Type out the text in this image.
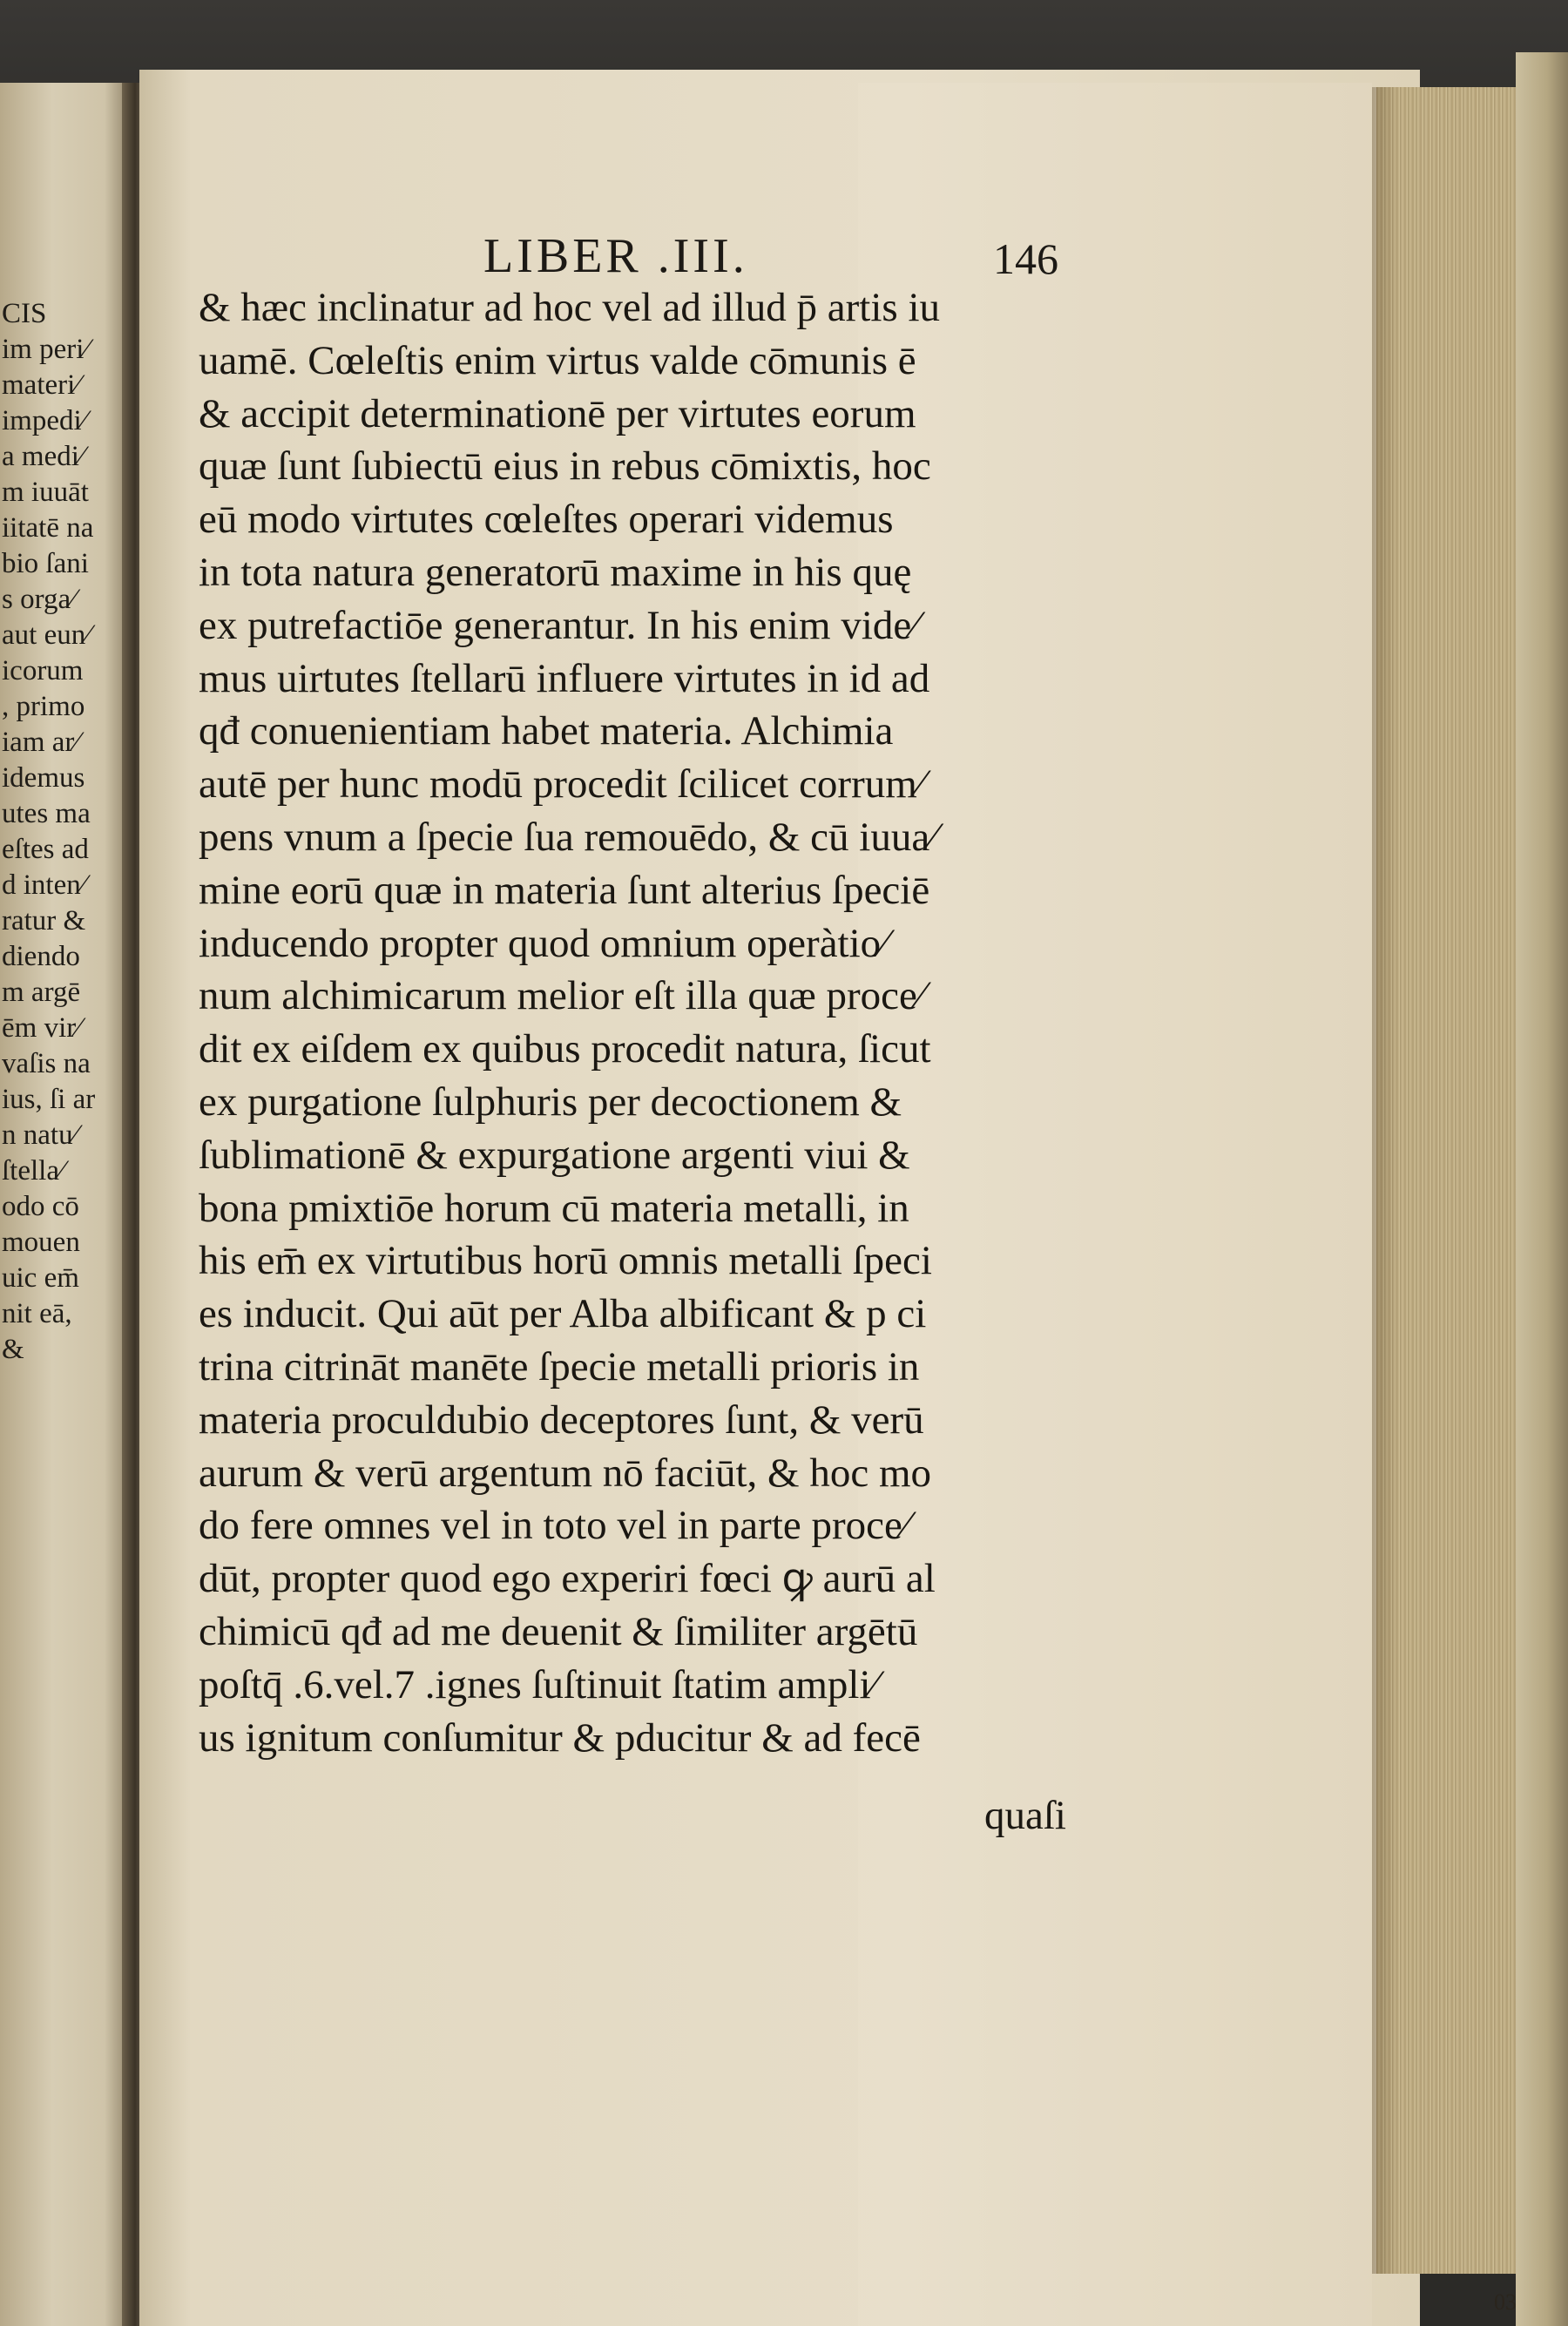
CIS
im peri⁄
materi⁄
impedi⁄
a medi⁄
m iuuāt
iitatē na
bio ſani
s orga⁄
aut eun⁄
icorum
, primo
iam ar⁄
idemus
utes ma
eſtes ad
d inten⁄
ratur &
diendo
m argē
ēm vir⁄
vaſis na
ius, ſi ar
n natu⁄
ſtella⁄
odo cō
mouen
uic em̄
nit eā,
&
LIBER .III.	146
& hæc inclinatur ad hoc vel ad illud p̄ artis iu
uamē. Cœleſtis enim virtus valde cōmunis ē
& accipit determinationē per virtutes eorum
quæ ſunt ſubiectū eius in rebus cōmixtis, hoc
eū modo virtutes cœleſtes operari videmus
in tota natura generatorū maxime in his quę
ex putrefactiōe generantur. In his enim vide⁄
mus uirtutes ſtellarū influere virtutes in id ad
qđ conuenientiam habet materia. Alchimia
autē per hunc modū procedit ſcilicet corrum⁄
pens vnum a ſpecie ſua remouēdo, & cū iuua⁄
mine eorū quæ in materia ſunt alterius ſpeciē
inducendo propter quod omnium operàtio⁄
num alchimicarum melior eſt illa quæ proce⁄
dit ex eiſdem ex quibus procedit natura, ſicut
ex purgatione ſulphuris per decoctionem &
ſublimationē & expurgatione argenti viui &
bona pmixtiōe horum cū materia metalli, in
his em̄ ex virtutibus horū omnis metalli ſpeci
es inducit. Qui aūt per Alba albificant & p ci
trina citrināt manēte ſpecie metalli prioris in
materia proculdubio deceptores ſunt, & verū
aurum & verū argentum nō faciūt, & hoc mo
do fere omnes vel in toto vel in parte proce⁄
dūt, propter quod ego experiri fœci ꝙ aurū al
chimicū qđ ad me deuenit & ſimiliter argētū
poſtq̄ .6.vel.7 .ignes ſuſtinuit ſtatim ampli⁄
us ignitum conſumitur & pducitur & ad fecē
quaſi
03
